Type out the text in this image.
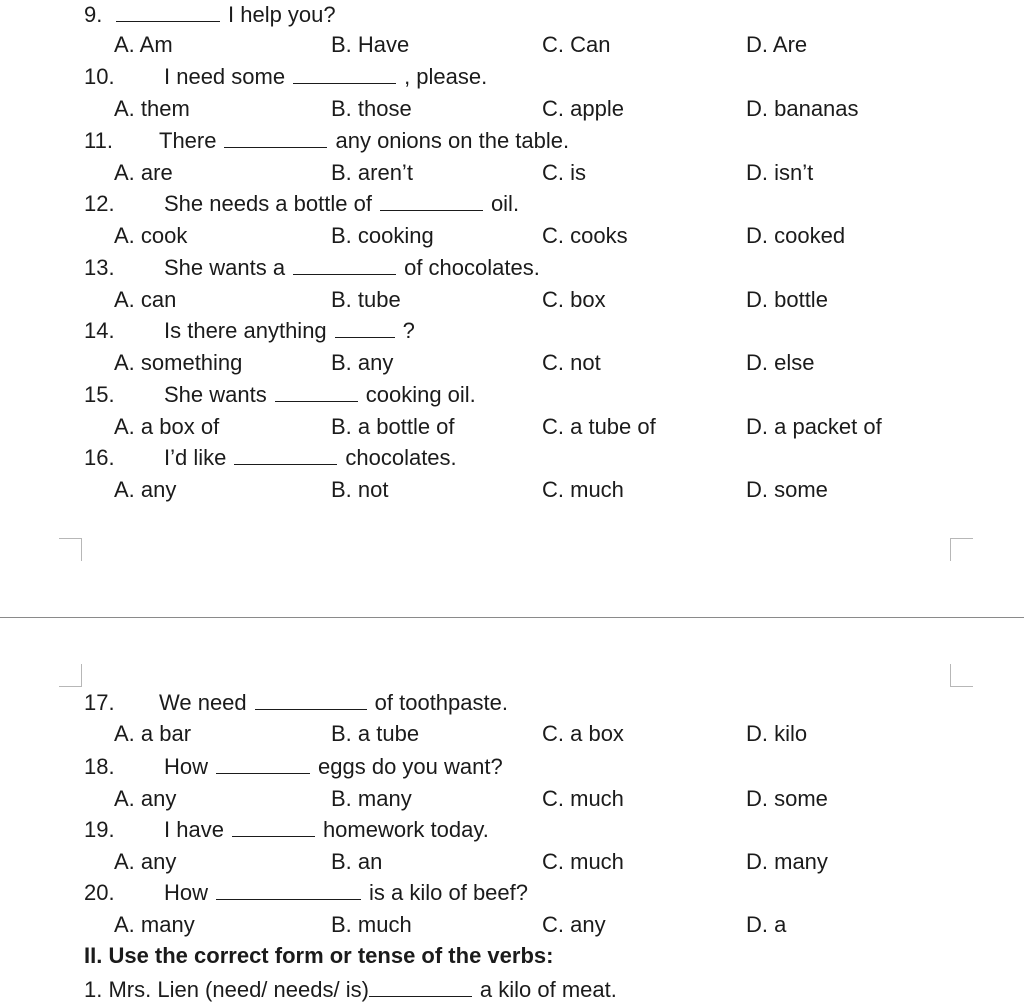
9.	I help you?
A. Am	B. Have	C. Can	D. Are
10. I need some	, please.
A. them	B. those	C. apple	D. bananas
11. There	any onions on the table.
A. are	B. aren’t	C. is	D. isn’t
12. She needs a bottle of	oil.
A. cook	B. cooking	C. cooks	D. cooked
13. She wants a	of chocolates.
A. can	B. tube	C. box	D. bottle
14. Is there anything	?
A. something	B. any	C. not	D. else
15. She wants	cooking oil.
A. a box of	B. a bottle of	C. a tube of	D. a packet of
16. I’d like	chocolates.
A. any	B. not	C. much	D. some
17. We need	of toothpaste.
A. a bar	B. a tube	C. a box	D. kilo
18. How	eggs do you want?
A. any	B. many	C. much	D. some
19. I have	homework today.
A. any	B. an	C. much	D. many
20. How	is a kilo of beef?
A. many	B. much	C. any	D. a
II. Use the correct form or tense of the verbs:
1. Mrs. Lien (need/ needs/ is)	a kilo of meat.
